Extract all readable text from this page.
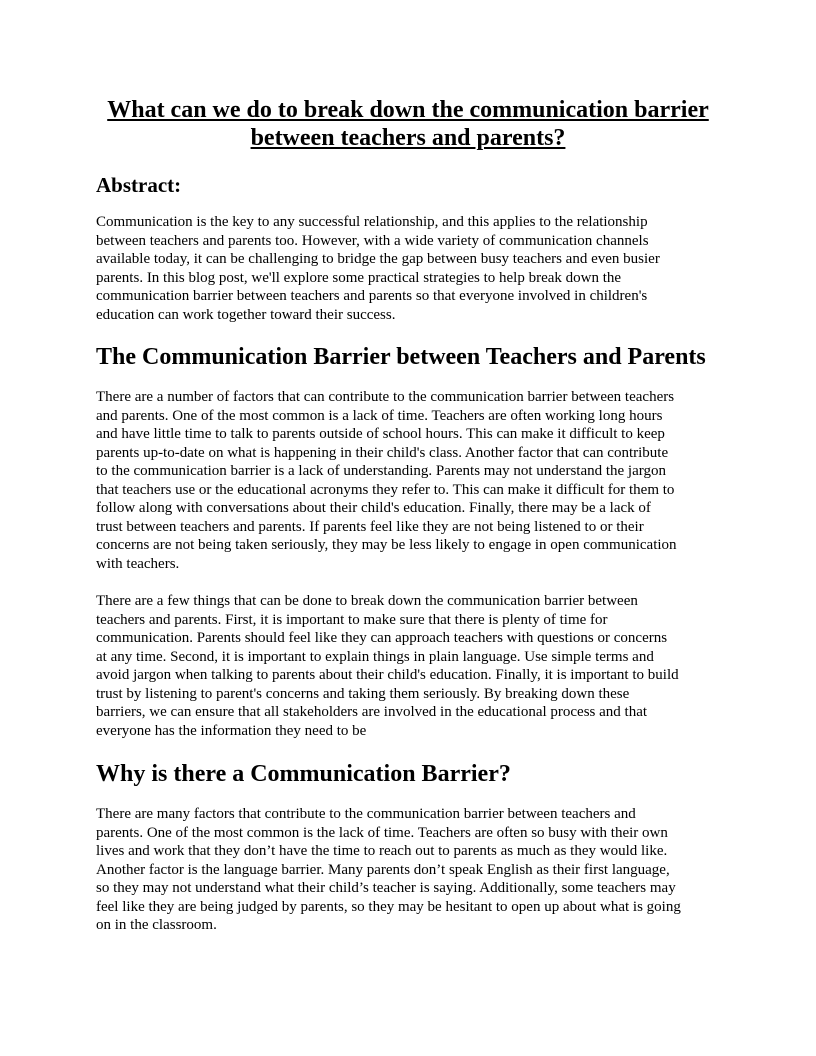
What can we do to break down the communication barrier
between teachers and parents?
Abstract:

Communication is the key to any successful relationship, and this applies to the relationship
between teachers and parents too. However, with a wide variety of communication channels
available today, it can be challenging to bridge the gap between busy teachers and even busier
parents. In this blog post, we'll explore some practical strategies to help break down the
communication barrier between teachers and parents so that everyone involved in children's
education can work together toward their success.

The Communication Barrier between Teachers and Parents

There are a number of factors that can contribute to the communication barrier between teachers
and parents. One of the most common is a lack of time. Teachers are often working long hours
and have little time to talk to parents outside of school hours. This can make it difficult to keep
parents up-to-date on what is happening in their child's class. Another factor that can contribute
to the communication barrier is a lack of understanding. Parents may not understand the jargon
that teachers use or the educational acronyms they refer to. This can make it difficult for them to
follow along with conversations about their child's education. Finally, there may be a lack of
trust between teachers and parents. If parents feel like they are not being listened to or their
concerns are not being taken seriously, they may be less likely to engage in open communication
with teachers.

There are a few things that can be done to break down the communication barrier between
teachers and parents. First, it is important to make sure that there is plenty of time for
communication. Parents should feel like they can approach teachers with questions or concerns
at any time. Second, it is important to explain things in plain language. Use simple terms and
avoid jargon when talking to parents about their child's education. Finally, it is important to build
trust by listening to parent's concerns and taking them seriously. By breaking down these
barriers, we can ensure that all stakeholders are involved in the educational process and that
everyone has the information they need to be

Why is there a Communication Barrier?

There are many factors that contribute to the communication barrier between teachers and
parents. One of the most common is the lack of time. Teachers are often so busy with their own
lives and work that they don’t have the time to reach out to parents as much as they would like.
Another factor is the language barrier. Many parents don’t speak English as their first language,
so they may not understand what their child’s teacher is saying. Additionally, some teachers may
feel like they are being judged by parents, so they may be hesitant to open up about what is going
on in the classroom.
